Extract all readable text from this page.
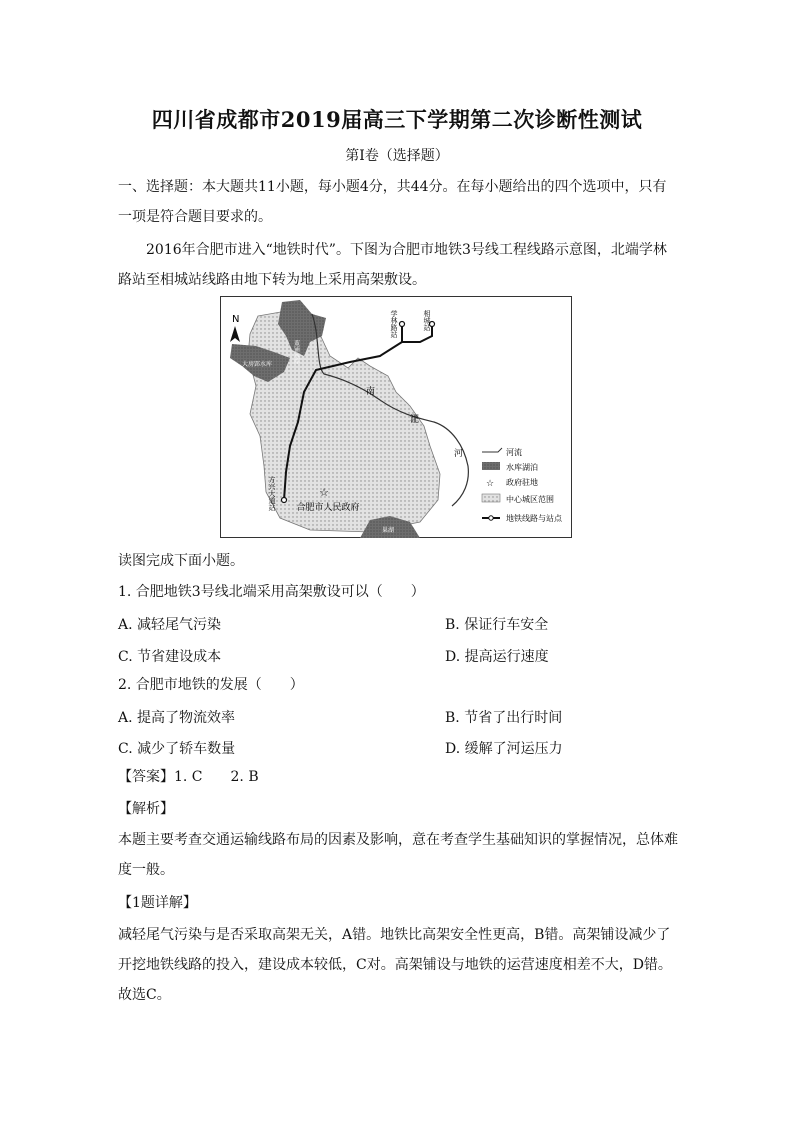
四川省成都市2019届高三下学期第二次诊断性测试
第Ⅰ卷（选择题）

一、选择题：本大题共11小题，每小题4分，共44分。在每小题给出的四个选项中，只有一项是符合题目要求的。

2016年合肥市进入“地铁时代”。下图为合肥市地铁3号线工程线路示意图，北端学林路站至相城站线路由地下转为地上采用高架敷设。

N
☆
合肥市人民政府
学林路站	相城站
方兴大道站
南
淝
河
董铺水库
大房郢水库
巢湖
河流
水库湖泊
☆ 政府驻地
中心城区范围
地铁线路与站点

读图完成下面小题。

1. 合肥地铁3号线北端采用高架敷设可以（　　）

A. 减轻尾气污染	B. 保证行车安全
C. 节省建设成本	D. 提高运行速度

2. 合肥市地铁的发展（　　）

A. 提高了物流效率	B. 节省了出行时间
C. 减少了轿车数量	D. 缓解了河运压力

【答案】1. C　　2. B

【解析】

本题主要考查交通运输线路布局的因素及影响，意在考查学生基础知识的掌握情况，总体难度一般。

【1题详解】

减轻尾气污染与是否采取高架无关，A错。地铁比高架安全性更高，B错。高架铺设减少了开挖地铁线路的投入，建设成本较低，C对。高架铺设与地铁的运营速度相差不大，D错。故选C。
